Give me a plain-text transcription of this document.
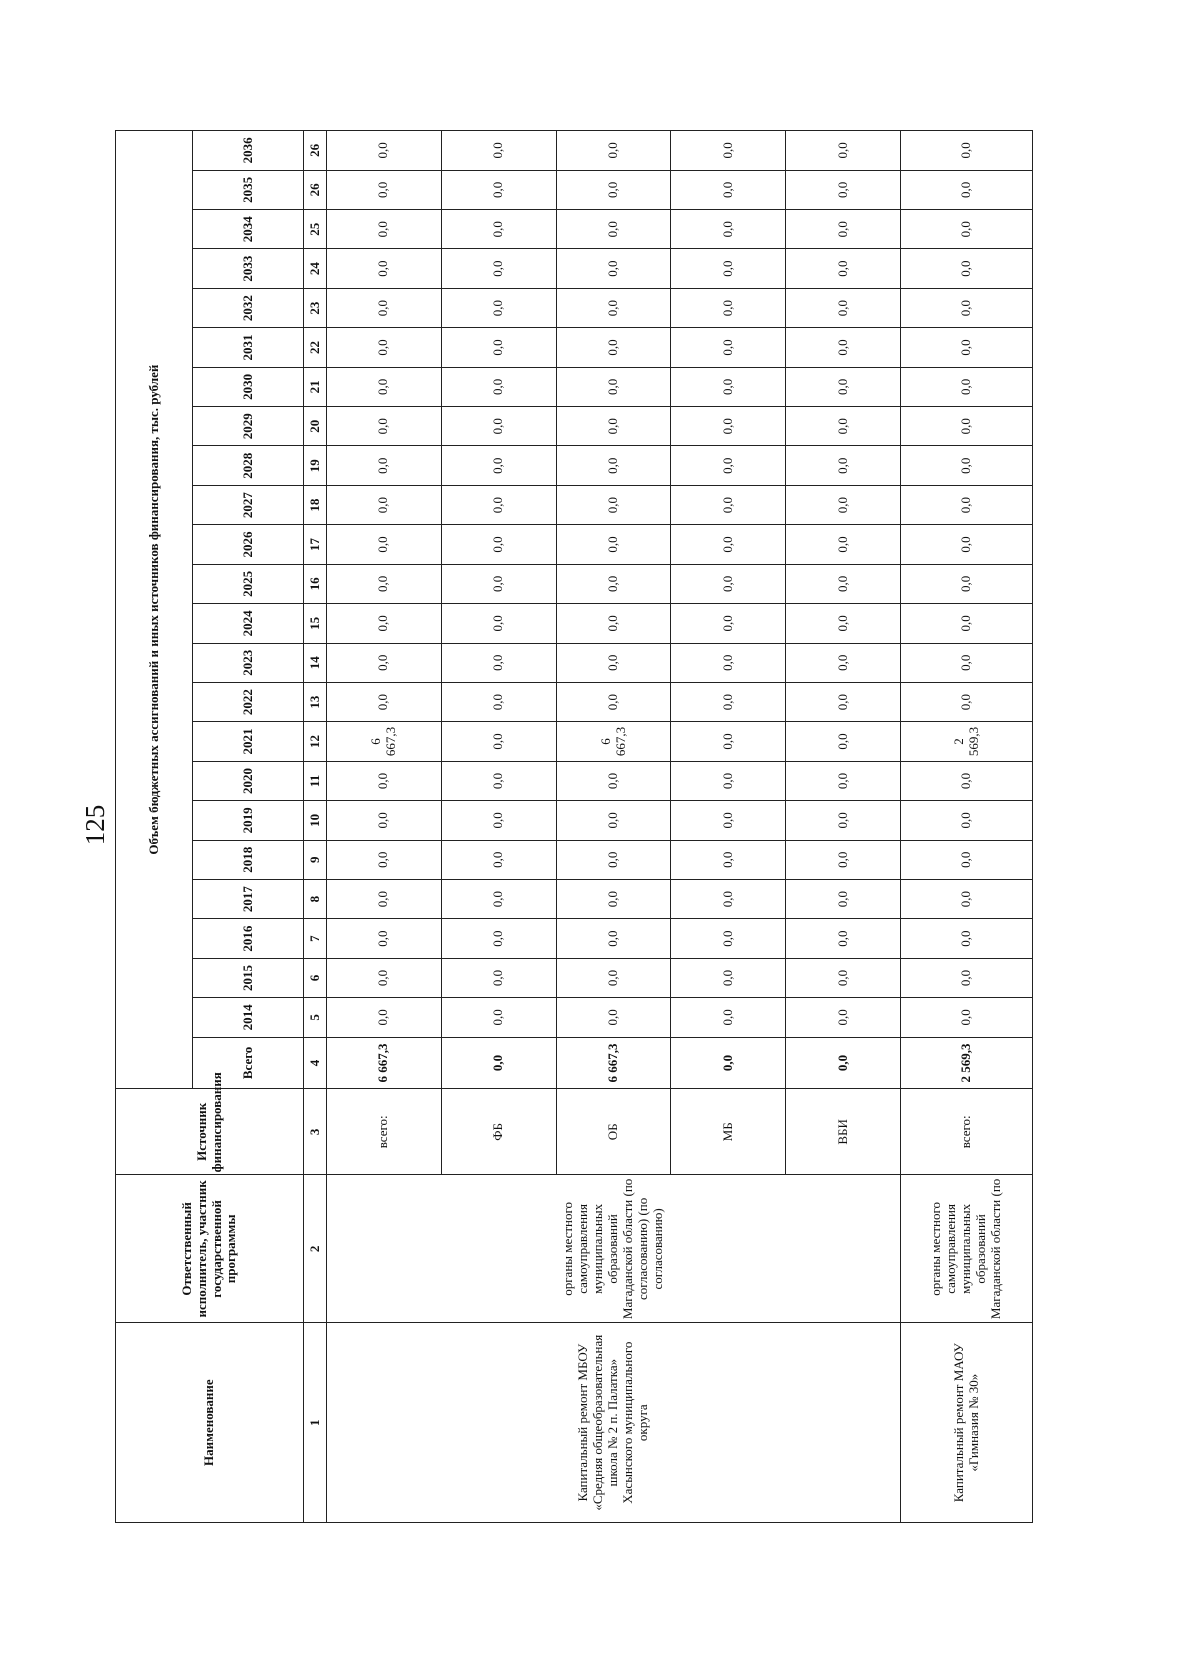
125
Наименование	Ответственный исполнитель, участник государственной программы	Источник финансирования	Объем бюджетных ассигнований и иных источников финансирования, тыс. рублей																							
			Всего	2014	2015	2016	2017	2018	2019	2020	2021	2022	2023	2024	2025	2026	2027	2028	2029	2030	2031	2032	2033	2034	2035	2036
1	2	3	4	5	6	7	8	9	10	11	12	13	14	15	16	17	18	19	20	21	22	23	24	25	26	26
Капитальный ремонт МБОУ «Средняя общеобразовательная школа № 2 п. Палатка» Хасынского муниципального округа	органы местного самоуправления муниципальных образований Магаданской области (по согласованию) (по согласованию)	всего:	6 667,3	0,0	0,0	0,0	0,0	0,0	0,0	0,0	6 667,3	0,0	0,0	0,0	0,0	0,0	0,0	0,0	0,0	0,0	0,0	0,0	0,0	0,0	0,0	0,0
		ФБ	0,0	0,0	0,0	0,0	0,0	0,0	0,0	0,0	0,0	0,0	0,0	0,0	0,0	0,0	0,0	0,0	0,0	0,0	0,0	0,0	0,0	0,0	0,0	0,0
		ОБ	6 667,3	0,0	0,0	0,0	0,0	0,0	0,0	0,0	6 667,3	0,0	0,0	0,0	0,0	0,0	0,0	0,0	0,0	0,0	0,0	0,0	0,0	0,0	0,0	0,0
		МБ	0,0	0,0	0,0	0,0	0,0	0,0	0,0	0,0	0,0	0,0	0,0	0,0	0,0	0,0	0,0	0,0	0,0	0,0	0,0	0,0	0,0	0,0	0,0	0,0
		ВБИ	0,0	0,0	0,0	0,0	0,0	0,0	0,0	0,0	0,0	0,0	0,0	0,0	0,0	0,0	0,0	0,0	0,0	0,0	0,0	0,0	0,0	0,0	0,0	0,0
Капитальный ремонт МАОУ «Гимназия № 30»	органы местного самоуправления муниципальных образований Магаданской области (по	всего:	2 569,3	0,0	0,0	0,0	0,0	0,0	0,0	0,0	2 569,3	0,0	0,0	0,0	0,0	0,0	0,0	0,0	0,0	0,0	0,0	0,0	0,0	0,0	0,0	0,0
